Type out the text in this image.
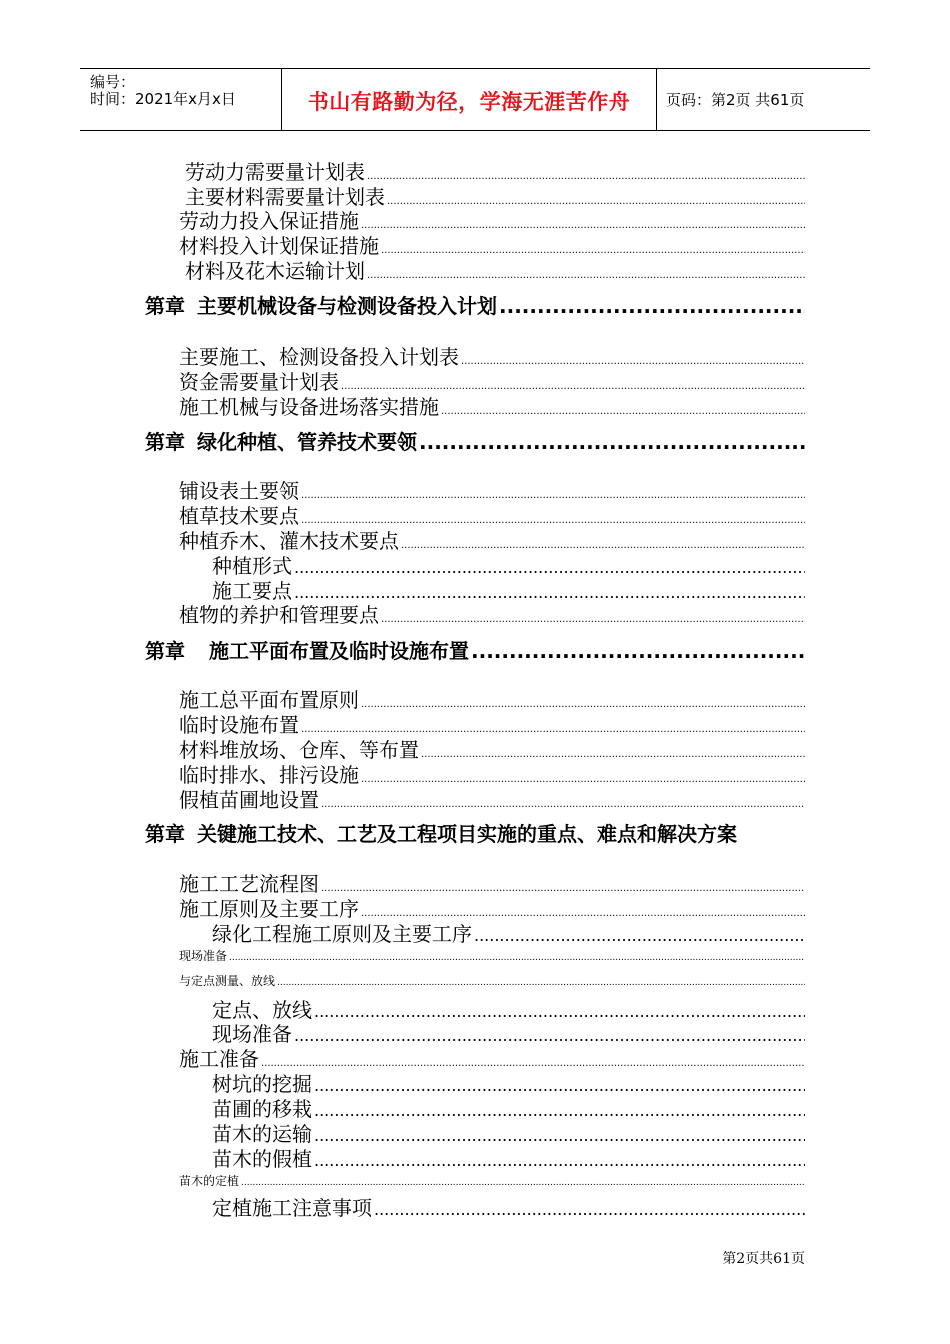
编号：
时间：2021年x月x日	书山有路勤为径，学海无涯苦作舟	页码：第2页 共61页
劳动力需要量计划表
.....
主要材料需要量计划表
.....
劳动力投入保证措施
.....
材料投入计划保证措施
.....
材料及花木运输计划
.....
第章 主要机械设备与检测设备投入计划
.....
主要施工、检测设备投入计划表
.....
资金需要量计划表
.....
施工机械与设备进场落实措施
.....
第章 绿化种植、管养技术要领
.....
铺设表土要领
.....
植草技术要点
.....
种植乔木、灌木技术要点
.....
种植形式
.....
施工要点
.....
植物的养护和管理要点
.....
第章 施工平面布置及临时设施布置
.....
施工总平面布置原则
.....
临时设施布置
.....
材料堆放场、仓库、等布置
.....
临时排水、排污设施
.....
假植苗圃地设置
.....
第章 关键施工技术、工艺及工程项目实施的重点、难点和解决方案
施工工艺流程图
.....
施工原则及主要工序
.....
绿化工程施工原则及主要工序
.....
现场准备
.....
与定点测量、放线
.....
定点、放线
.....
现场准备
.....
施工准备
.....
树坑的挖掘
.....
苗圃的移栽
.....
苗木的运输
.....
苗木的假植
.....
苗木的定植
.....
定植施工注意事项
.....
第2页共61页
